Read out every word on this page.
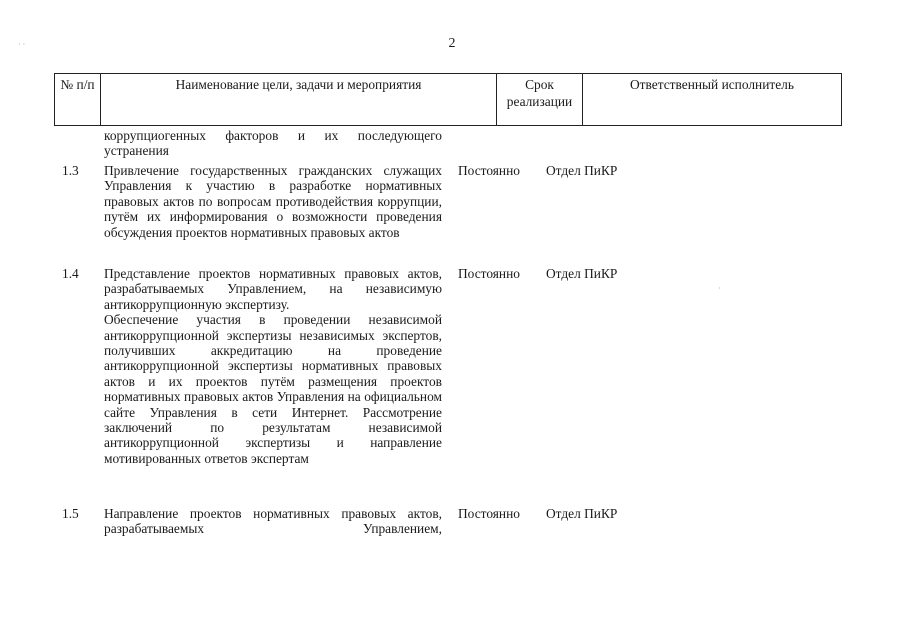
2
· ·
·
№ п/п	Наименование цели, задачи и мероприятия	Срок реализации
Ответственный исполнитель
коррупциогенных факторов и их последующего устранения
1.3 Привлечение государственных гражданских служащих Управления к участию в разработке нормативных правовых актов по вопросам противодействия коррупции, путём их информирования о возможности проведения обсуждения проектов нормативных правовых актов

Постоянно Отдел ПиКР
1.4 Представление проектов нормативных правовых актов, разрабатываемых Управлением, на независимую антикоррупционную экспертизу.

Обеспечение участия в проведении независимой антикоррупционной экспертизы независимых экспертов, получивших аккредитацию на проведение антикоррупционной экспертизы нормативных правовых актов и их проектов путём размещения проектов нормативных правовых актов Управления на официальном сайте Управления в сети Интернет. Рассмотрение заключений по результатам независимой антикоррупционной экспертизы и направление мотивированных ответов экспертам

Постоянно Отдел ПиКР
1.5 Направление проектов нормативных правовых актов, разрабатываемых Управлением,

Постоянно Отдел ПиКР
